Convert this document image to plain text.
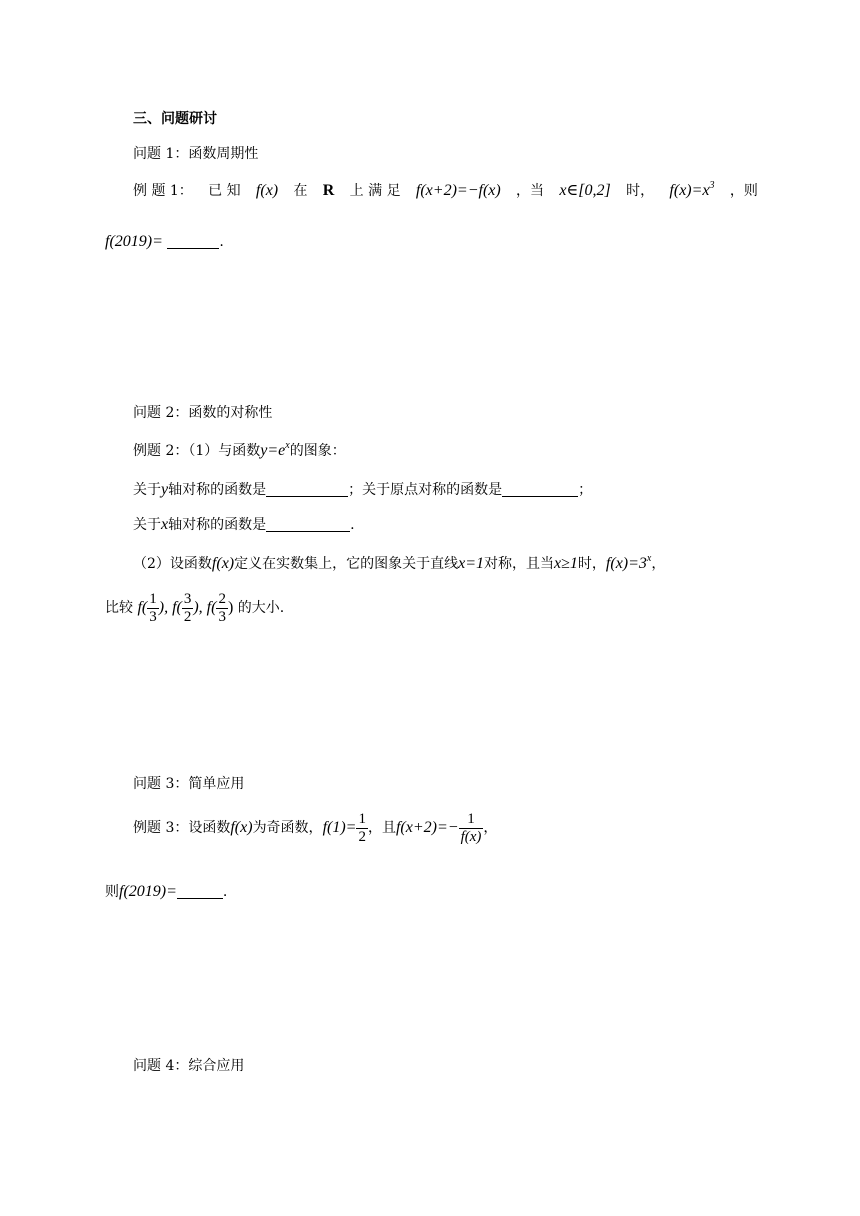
三、问题研讨
问题 1：函数周期性
例 题 1： 已 知 f(x) 在 R 上 满 足 f(x+2)=−f(x) ，当 x∈[0,2] 时， $f(x)=x^3$ ，则
f(2019)=	.
问题 2：函数的对称性
例题 2：（1）与函数$y=e^x$的图象：
关于y轴对称的函数是	；关于原点对称的函数是	；
关于x轴对称的函数是	.
（2）设函数f(x)定义在实数集上，它的图象关于直线x=1对称，且当x≥1时，$f(x)=3^x$，
比较 $f( \frac{1}{3}$ ), $f( \frac{3}{2}$ ), $f( \frac{2}{3}$ ) 的大小.
问题 3：简单应用
例题 3：设函数f(x)为奇函数，$f(1)= \frac{1}{2}$ ，且$f(x+2)=- \frac{1}{f(x)}$ ，
则f(2019)=	.
问题 4：综合应用
